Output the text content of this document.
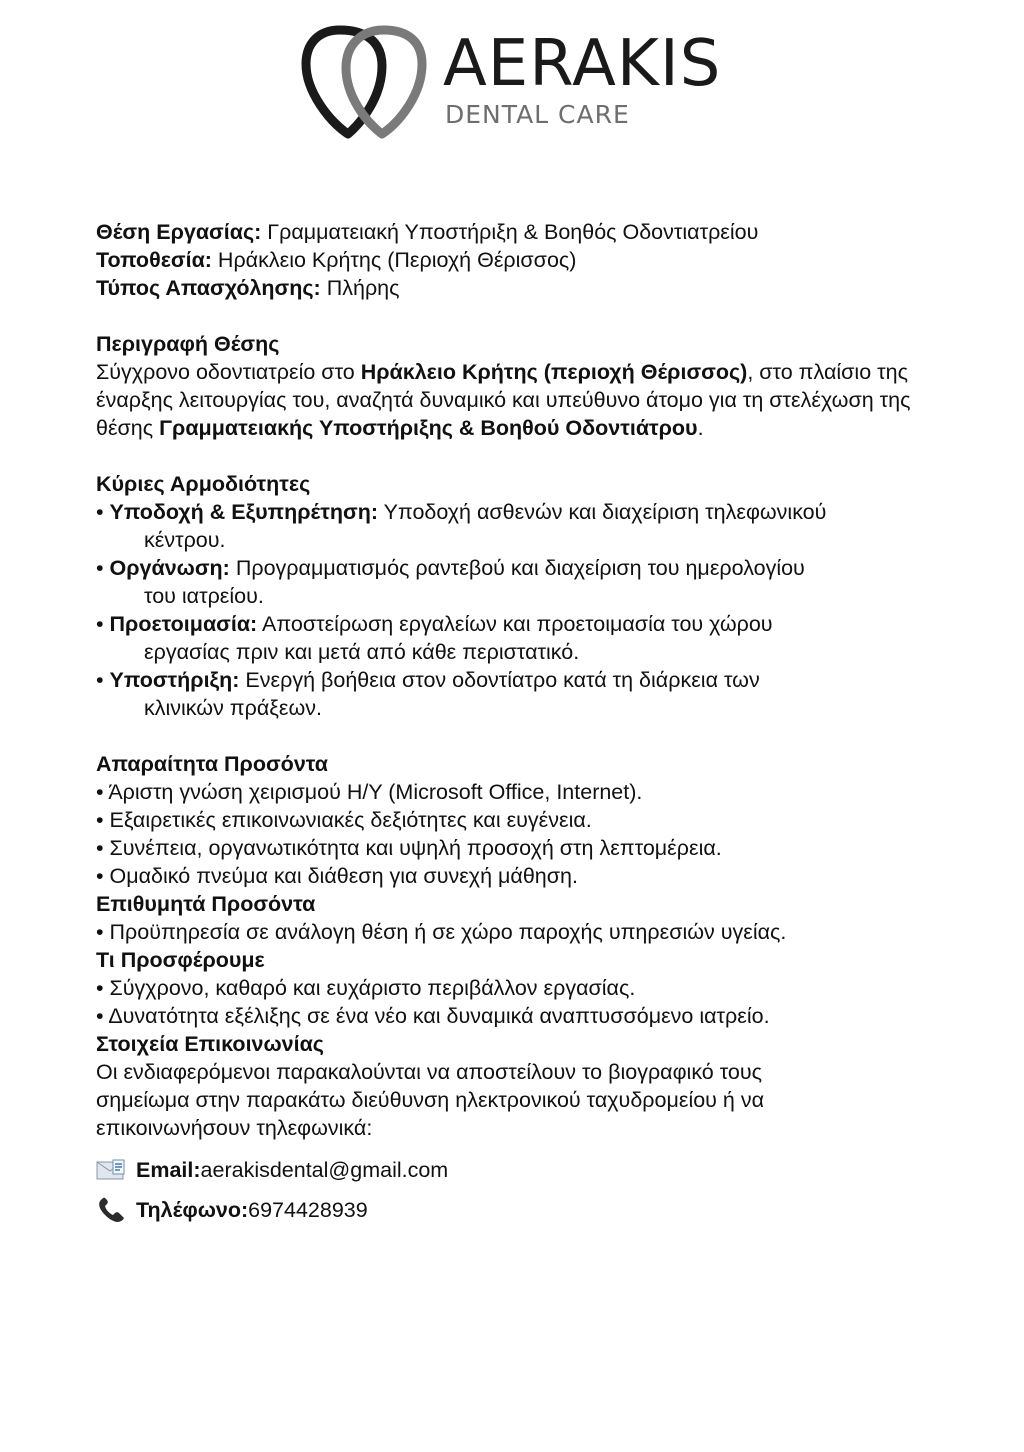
AERAKIS
DENTAL CARE

Θέση Εργασίας: Γραμματειακή Υποστήριξη & Βοηθός Οδοντιατρείου

Τοποθεσία: Ηράκλειο Κρήτης (Περιοχή Θέρισσος)

Τύπος Απασχόλησης: Πλήρης

Περιγραφή Θέσης

Σύγχρονο οδοντιατρείο στο Ηράκλειο Κρήτης (περιοχή Θέρισσος), στο πλαίσιο της έναρξης λειτουργίας του, αναζητά δυναμικό και υπεύθυνο άτομο για τη στελέχωση της θέσης Γραμματειακής Υποστήριξης & Βοηθού Οδοντιάτρου.

Κύριες Αρμοδιότητες

• Υποδοχή & Εξυπηρέτηση: Υποδοχή ασθενών και διαχείριση τηλεφωνικού
κέντρου.
• Οργάνωση: Προγραμματισμός ραντεβού και διαχείριση του ημερολογίου
του ιατρείου.
• Προετοιμασία: Αποστείρωση εργαλείων και προετοιμασία του χώρου
εργασίας πριν και μετά από κάθε περιστατικό.
• Υποστήριξη: Ενεργή βοήθεια στον οδοντίατρο κατά τη διάρκεια των
κλινικών πράξεων.

Απαραίτητα Προσόντα

• Άριστη γνώση χειρισμού Η/Υ (Microsoft Office, Internet).

• Εξαιρετικές επικοινωνιακές δεξιότητες και ευγένεια.

• Συνέπεια, οργανωτικότητα και υψηλή προσοχή στη λεπτομέρεια.

• Ομαδικό πνεύμα και διάθεση για συνεχή μάθηση.

Επιθυμητά Προσόντα

• Προϋπηρεσία σε ανάλογη θέση ή σε χώρο παροχής υπηρεσιών υγείας.

Τι Προσφέρουμε

• Σύγχρονο, καθαρό και ευχάριστο περιβάλλον εργασίας.

• Δυνατότητα εξέλιξης σε ένα νέο και δυναμικά αναπτυσσόμενο ιατρείο.

Στοιχεία Επικοινωνίας

Οι ενδιαφερόμενοι παρακαλούνται να αποστείλουν το βιογραφικό τους

σημείωμα στην παρακάτω διεύθυνση ηλεκτρονικού ταχυδρομείου ή να

επικοινωνήσουν τηλεφωνικά:

Email: aerakisdental@gmail.com
Τηλέφωνο: 6974428939
